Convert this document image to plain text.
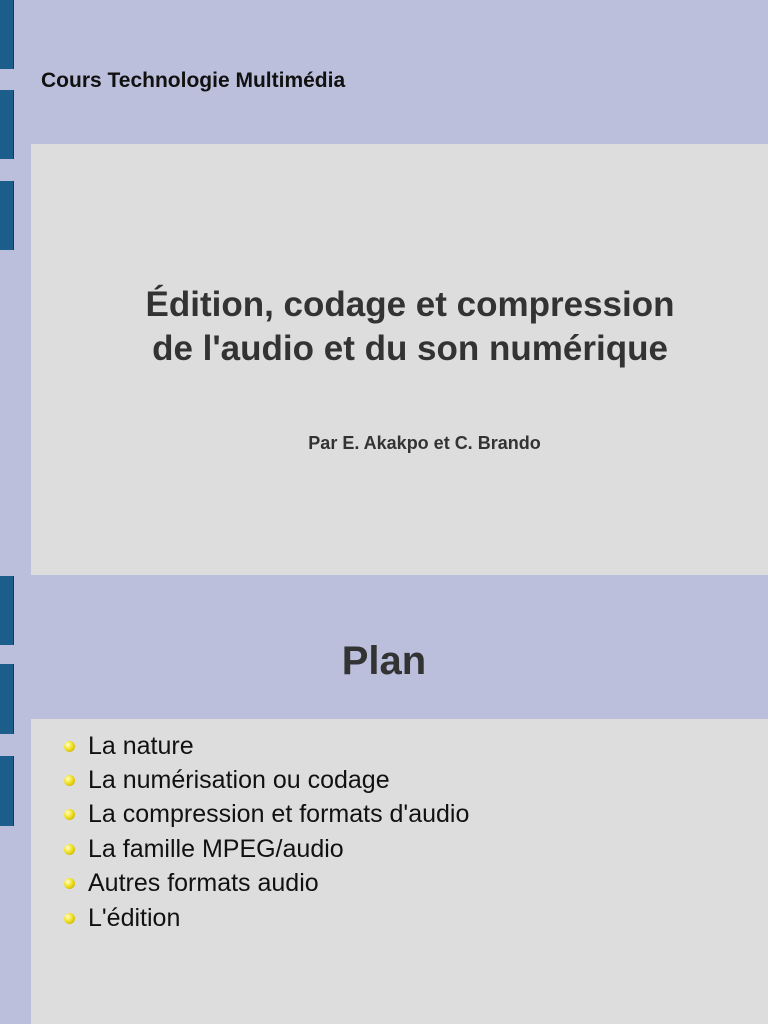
Cours Technologie Multimédia
Édition, codage et compression
de l'audio et du son numérique
Par E. Akakpo et C. Brando
Plan
La nature
La numérisation ou codage
La compression et formats d'audio
La famille MPEG/audio
Autres formats audio
L'édition
